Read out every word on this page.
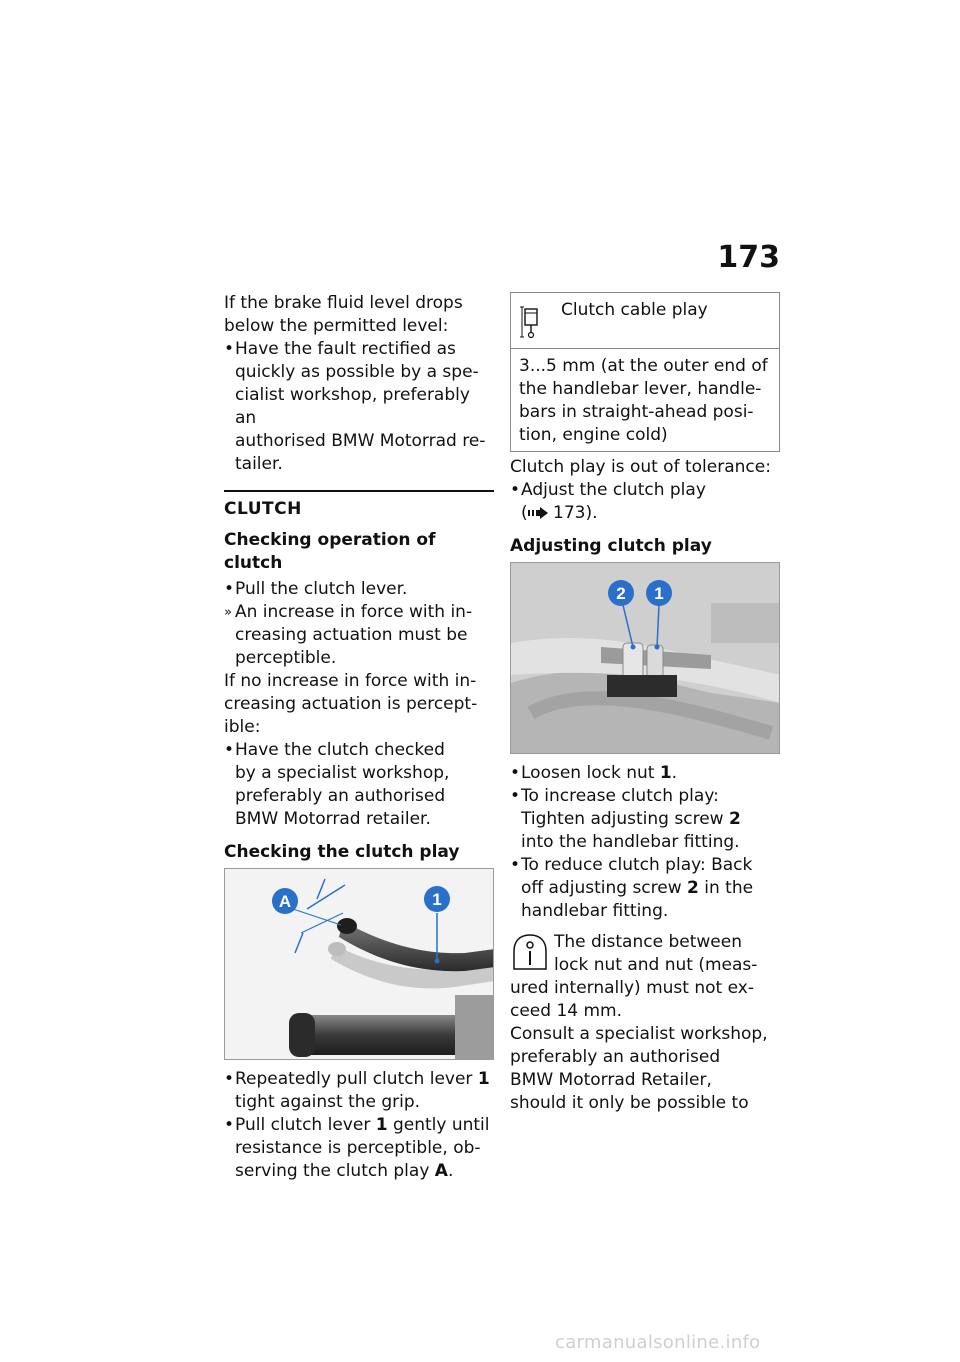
173

If the brake fluid level drops

below the permitted level:

• Have the fault rectified as
quickly as possible by a spe-
cialist workshop, preferably an
authorised BMW Motorrad re-
tailer.
CLUTCH
Checking operation of clutch
• Pull the clutch lever.
» An increase in force with in-
creasing actuation must be
perceptible.

If no increase in force with in-

creasing actuation is percept-

ible:

• Have the clutch checked
by a specialist workshop,
preferably an authorised
BMW Motorrad retailer.
Checking the clutch play
A	1
• Repeatedly pull clutch lever 1
tight against the grip.
• Pull clutch lever 1 gently until
resistance is perceptible, ob-
serving the clutch play A.
Clutch cable play
3...5 mm (at the outer end of
the handlebar lever, handle-
bars in straight-ahead posi-
tion, engine cold)

Clutch play is out of tolerance:

• Adjust the clutch play
( 173).
Adjusting clutch play
2 1
• Loosen lock nut 1.
• To increase clutch play:
Tighten adjusting screw 2
into the handlebar fitting.
• To reduce clutch play: Back
off adjusting screw 2 in the
handlebar fitting.
The distance between
lock nut and nut (meas-
ured internally) must not ex-
ceed 14 mm.

Consult a specialist workshop,

preferably an authorised

BMW Motorrad Retailer,

should it only be possible to

carmanualsonline.info
